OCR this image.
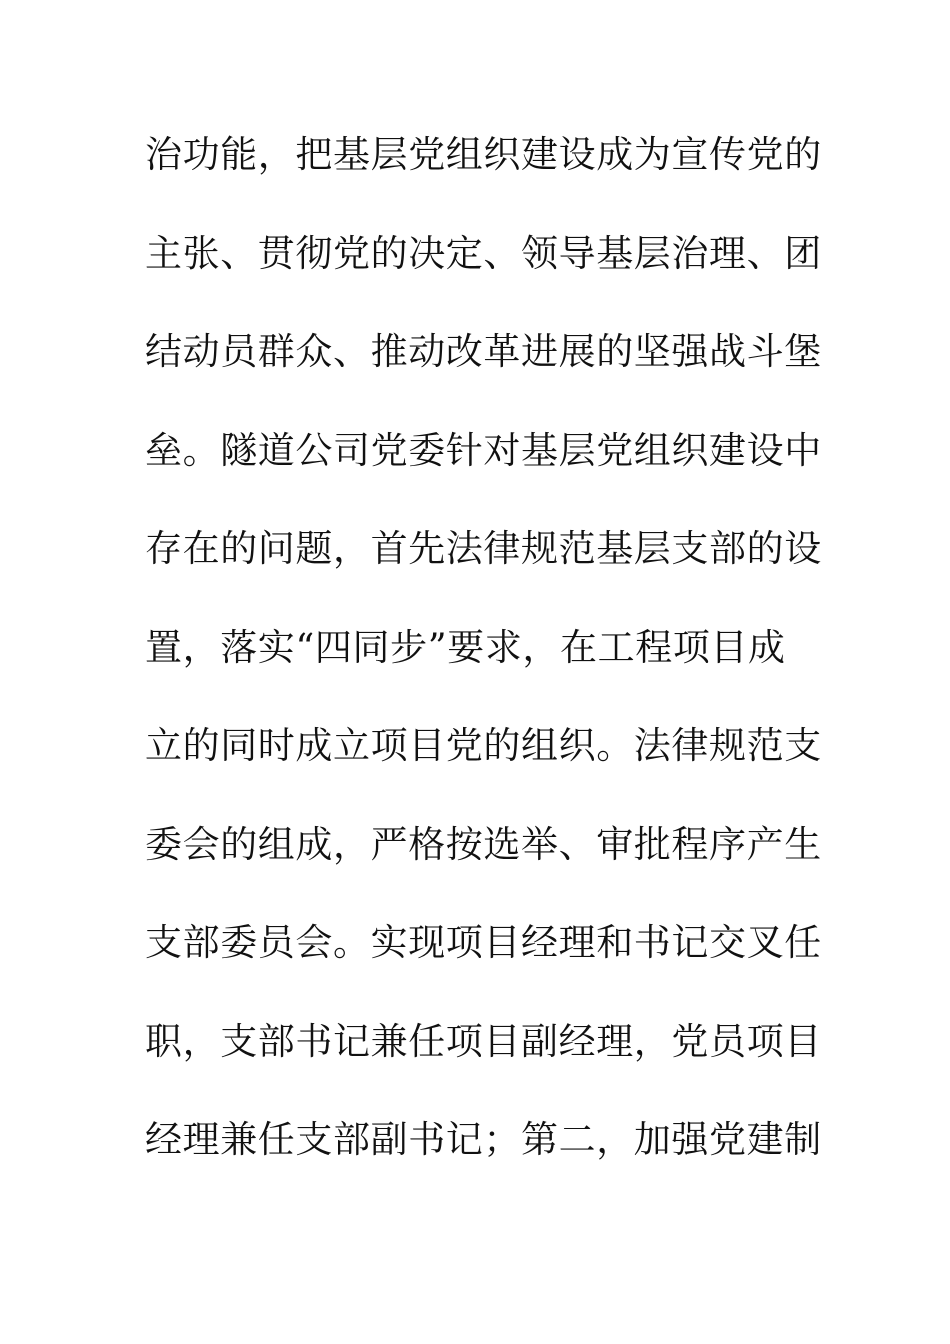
治功能，把基层党组织建设成为宣传党的
主张、贯彻党的决定、领导基层治理、团
结动员群众、推动改革进展的坚强战斗堡
垒。隧道公司党委针对基层党组织建设中
存在的问题，首先法律规范基层支部的设
置，落实“四同步”要求，在工程项目成
立的同时成立项目党的组织。法律规范支
委会的组成，严格按选举、审批程序产生
支部委员会。实现项目经理和书记交叉任
职，支部书记兼任项目副经理，党员项目
经理兼任支部副书记；第二，加强党建制
